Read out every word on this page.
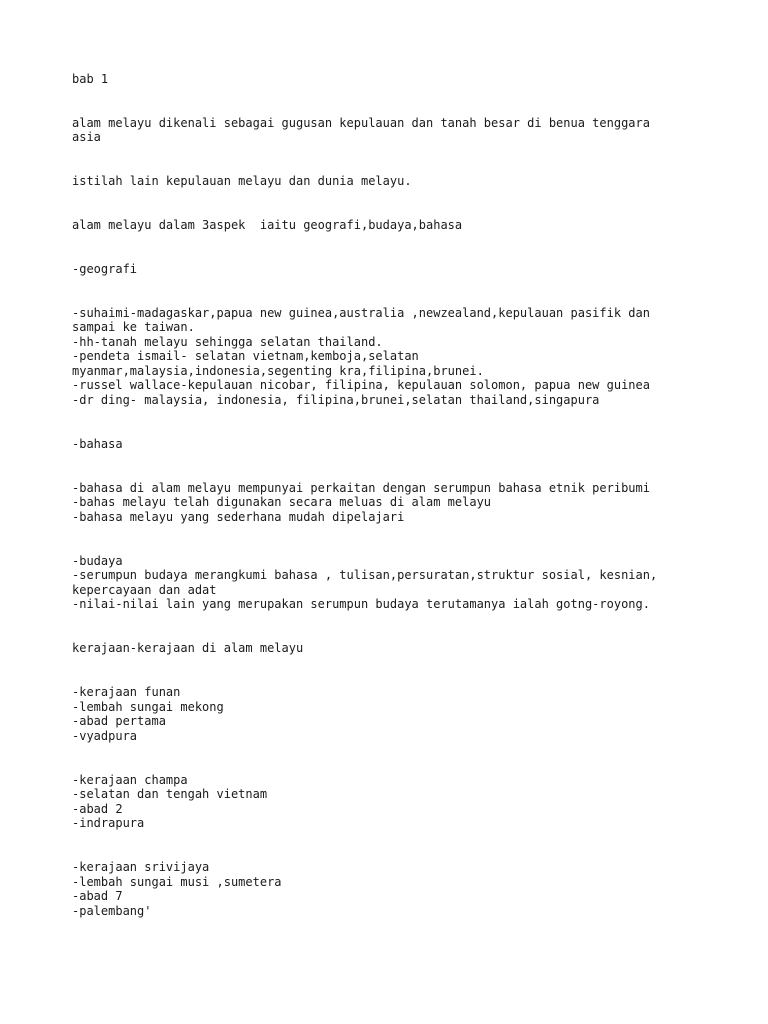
bab 1
alam melayu dikenali sebagai gugusan kepulauan dan tanah besar di benua tenggara
asia
istilah lain kepulauan melayu dan dunia melayu.
alam melayu dalam 3aspek  iaitu geografi,budaya,bahasa
-geografi
-suhaimi-madagaskar,papua new guinea,australia ,newzealand,kepulauan pasifik dan
sampai ke taiwan.
-hh-tanah melayu sehingga selatan thailand.
-pendeta ismail- selatan vietnam,kemboja,selatan
myanmar,malaysia,indonesia,segenting kra,filipina,brunei.
-russel wallace-kepulauan nicobar, filipina, kepulauan solomon, papua new guinea
-dr ding- malaysia, indonesia, filipina,brunei,selatan thailand,singapura
-bahasa
-bahasa di alam melayu mempunyai perkaitan dengan serumpun bahasa etnik peribumi
-bahas melayu telah digunakan secara meluas di alam melayu
-bahasa melayu yang sederhana mudah dipelajari
-budaya
-serumpun budaya merangkumi bahasa , tulisan,persuratan,struktur sosial, kesnian,
kepercayaan dan adat
-nilai-nilai lain yang merupakan serumpun budaya terutamanya ialah gotng-royong.
kerajaan-kerajaan di alam melayu
-kerajaan funan
-lembah sungai mekong
-abad pertama
-vyadpura
-kerajaan champa
-selatan dan tengah vietnam
-abad 2
-indrapura
-kerajaan srivijaya
-lembah sungai musi ,sumetera
-abad 7
-palembang'
